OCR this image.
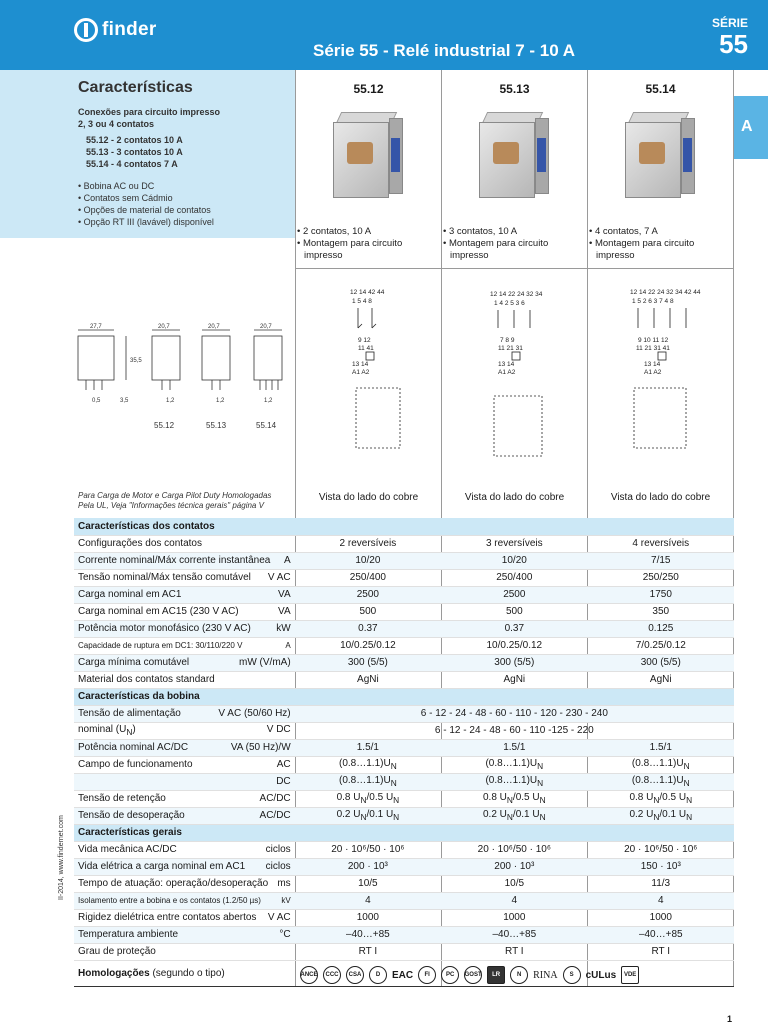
finder
Série 55 - Relé industrial 7 - 10 A
SÉRIE
55
A
Características
Conexões para circuito impresso
2, 3 ou 4 contatos
55.12 - 2 contatos 10 A
55.13 - 3 contatos 10 A
55.14 - 4 contatos 7 A
• Bobina AC ou DC
• Contatos sem Cádmio
• Opções de material de contatos
• Opção RT III (lavável) disponível
55.12	55.13	55.14
• 2 contatos, 10 A
• Montagem para circuito
impresso
• 3 contatos, 10 A
• Montagem para circuito
impresso
• 4 contatos, 7 A
• Montagem para circuito
impresso
27,7	20,7	20,7	20,7
35,5
0,5	3,5	1,2	1,2	1,2
55.12	55.13	55.14
12 14 42 44
1 5 4 8
9 12
11 41
13 14
A1 A2
12 14 22 24 32 34
1 4 2 5 3 6
7 8 9
11 21 31
13 14
A1 A2
12 14 22 24 32 34 42 44
1 5 2 6 3 7 4 8
9 10 11 12
11 21 31 41
13 14
A1 A2
Para Carga de Motor e Carga Pilot Duty Homologadas
Pela UL, Veja "Informações técnica gerais" página V
Vista do lado do cobre	Vista do lado do cobre	Vista do lado do cobre
Características dos contatos			

Configurações dos contatos	2 reversíveis	3 reversíveis	4 reversíveis

Corrente nominal/Máx corrente instantânea A	10/20	10/20	7/15

Tensão nominal/Máx tensão comutável V AC	250/400	250/400	250/250

Carga nominal em AC1 VA	2500	2500	1750

Carga nominal em AC15 (230 V AC) VA	500	500	350

Potência motor monofásico (230 V AC) kW	0.37	0.37	0.125

Capacidade de ruptura em DC1: 30/110/220 V A	10/0.25/0.12	10/0.25/0.12	7/0.25/0.12

Carga mínima comutável mW (V/mA)	300 (5/5)	300 (5/5)	300 (5/5)

Material dos contatos standard	AgNi	AgNi	AgNi
Características da bobina			

Tensão de alimentação V AC (50/60 Hz)	6 - 12 - 24 - 48 - 60 - 110 - 120 - 230 - 240		

nominal $(U_N)$ V DC	6 - 12 - 24 - 48 - 60 - 110 -125 - 220		

Potência nominal AC/DC VA (50 Hz)/W	1.5/1	1.5/1	1.5/1

Campo de funcionamento AC	$(0.8\dots 1.1)U_N$	$(0.8\dots 1.1)U_N$	$(0.8\dots 1.1)U_N$

DC	$(0.8\dots 1.1)U_N$	$(0.8\dots 1.1)U_N$	$(0.8\dots 1.1)U_N$

Tensão de retenção AC/DC	0.8 $U_N/0.5$ $U_N$	0.8 $U_N/0.5$ $U_N$	0.8 $U_N/0.5$ $U_N$

Tensão de desoperação AC/DC	0.2 $U_N/0.1$ $U_N$	0.2 $U_N/0.1$ $U_N$	0.2 $U_N/0.1$ $U_N$
Características gerais			

Vida mecânica AC/DC ciclos	20 · 10⁶/50 · 10⁶	20 · 10⁶/50 · 10⁶	20 · 10⁶/50 · 10⁶

Vida elétrica a carga nominal em AC1 ciclos	200 · 10³	200 · 10³	150 · 10³

Tempo de atuação: operação/desoperação ms	10/5	10/5	11/3

Isolamento entre a bobina e os contatos (1.2/50 µs) kV	4	4	4

Rigidez dielétrica entre contatos abertos V AC	1000	1000	1000

Temperatura ambiente °C	–40…+85	–40…+85	–40…+85

Grau de proteção	RT I	RT I	RT I
Homologações (segundo o tipo)	ANCE	CCC	CSA	D	EAC	FI	PC	GOST	LR	N	RINA	S	cULus	VDE
II-2014, www.findernet.com
1
